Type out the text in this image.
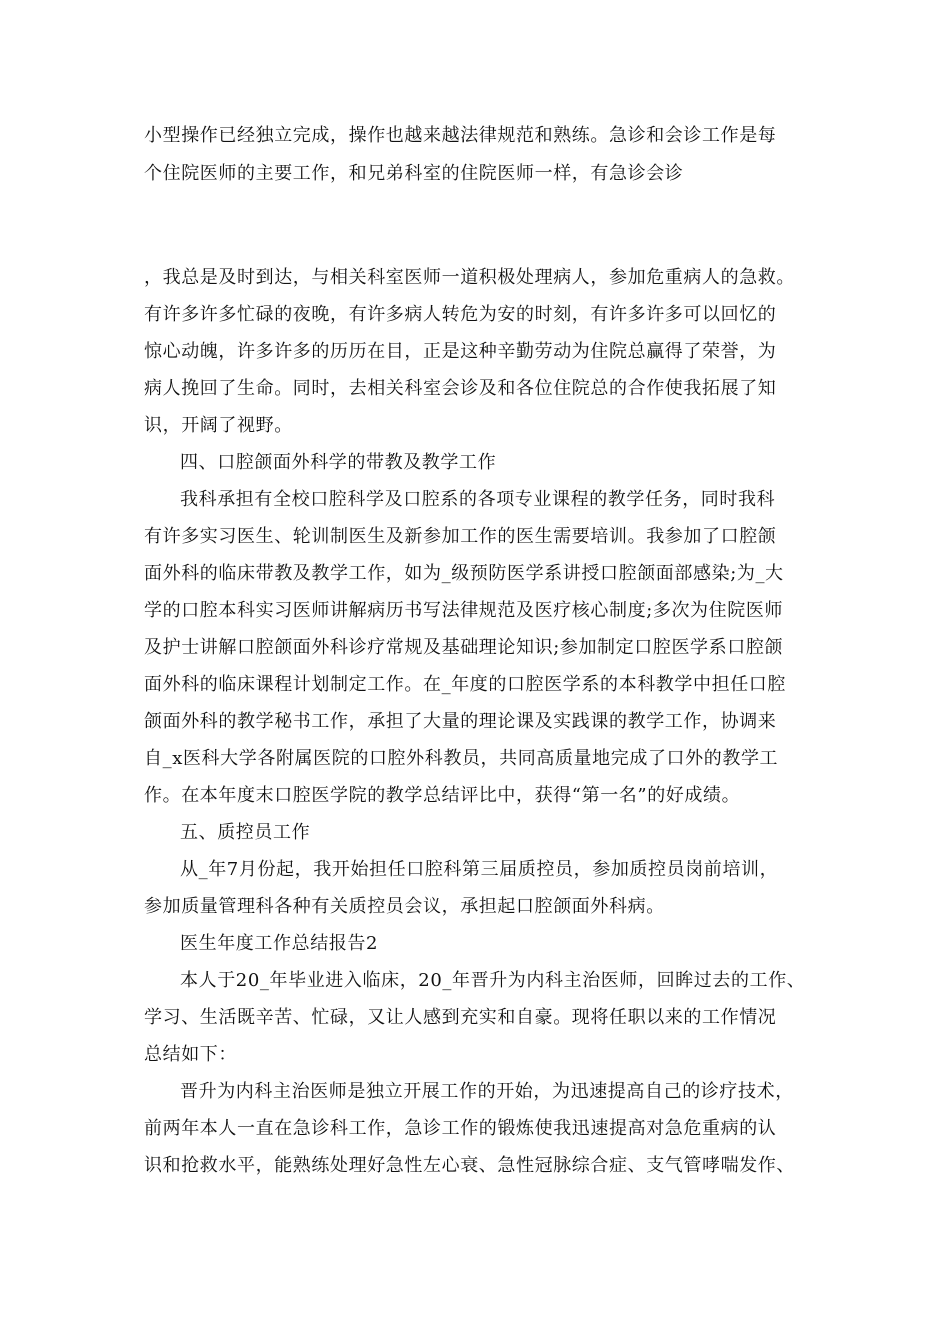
小型操作已经独立完成，操作也越来越法律规范和熟练。急诊和会诊工作是每

个住院医师的主要工作，和兄弟科室的住院医师一样，有急诊会诊

，我总是及时到达，与相关科室医师一道积极处理病人，参加危重病人的急救。

有许多许多忙碌的夜晚，有许多病人转危为安的时刻，有许多许多可以回忆的

惊心动魄，许多许多的历历在目，正是这种辛勤劳动为住院总赢得了荣誉，为

病人挽回了生命。同时，去相关科室会诊及和各位住院总的合作使我拓展了知

识，开阔了视野。

四、口腔颌面外科学的带教及教学工作

我科承担有全校口腔科学及口腔系的各项专业课程的教学任务，同时我科

有许多实习医生、轮训制医生及新参加工作的医生需要培训。我参加了口腔颌

面外科的临床带教及教学工作，如为_级预防医学系讲授口腔颌面部感染;为_大

学的口腔本科实习医师讲解病历书写法律规范及医疗核心制度;多次为住院医师

及护士讲解口腔颌面外科诊疗常规及基础理论知识;参加制定口腔医学系口腔颌

面外科的临床课程计划制定工作。在_年度的口腔医学系的本科教学中担任口腔

颌面外科的教学秘书工作，承担了大量的理论课及实践课的教学工作，协调来

自_x医科大学各附属医院的口腔外科教员，共同高质量地完成了口外的教学工

作。在本年度末口腔医学院的教学总结评比中，获得“第一名”的好成绩。

五、质控员工作

从_年7月份起，我开始担任口腔科第三届质控员，参加质控员岗前培训，

参加质量管理科各种有关质控员会议，承担起口腔颌面外科病。

医生年度工作总结报告2

本人于20_年毕业进入临床，20_年晋升为内科主治医师，回眸过去的工作、

学习、生活既辛苦、忙碌，又让人感到充实和自豪。现将任职以来的工作情况

总结如下：

晋升为内科主治医师是独立开展工作的开始，为迅速提高自己的诊疗技术，

前两年本人一直在急诊科工作，急诊工作的锻炼使我迅速提高对急危重病的认

识和抢救水平，能熟练处理好急性左心衰、急性冠脉综合症、支气管哮喘发作、
